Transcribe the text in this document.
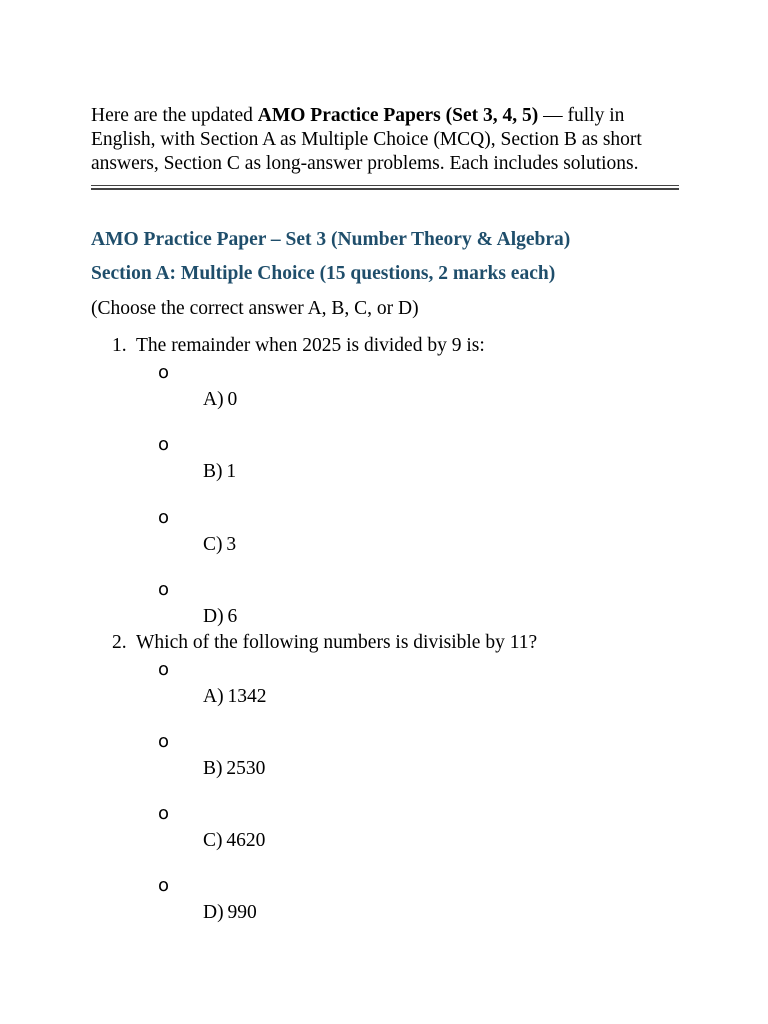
Here are the updated AMO Practice Papers (Set 3, 4, 5) — fully in English, with Section A as Multiple Choice (MCQ), Section B as short answers, Section C as long-answer problems. Each includes solutions.
AMO Practice Paper – Set 3 (Number Theory & Algebra)
Section A: Multiple Choice (15 questions, 2 marks each)
(Choose the correct answer A, B, C, or D)
1. The remainder when 2025 is divided by 9 is:
o
A) 0
o
B) 1
o
C) 3
o
D) 6
2. Which of the following numbers is divisible by 11?
o
A) 1342
o
B) 2530
o
C) 4620
o
D) 990
